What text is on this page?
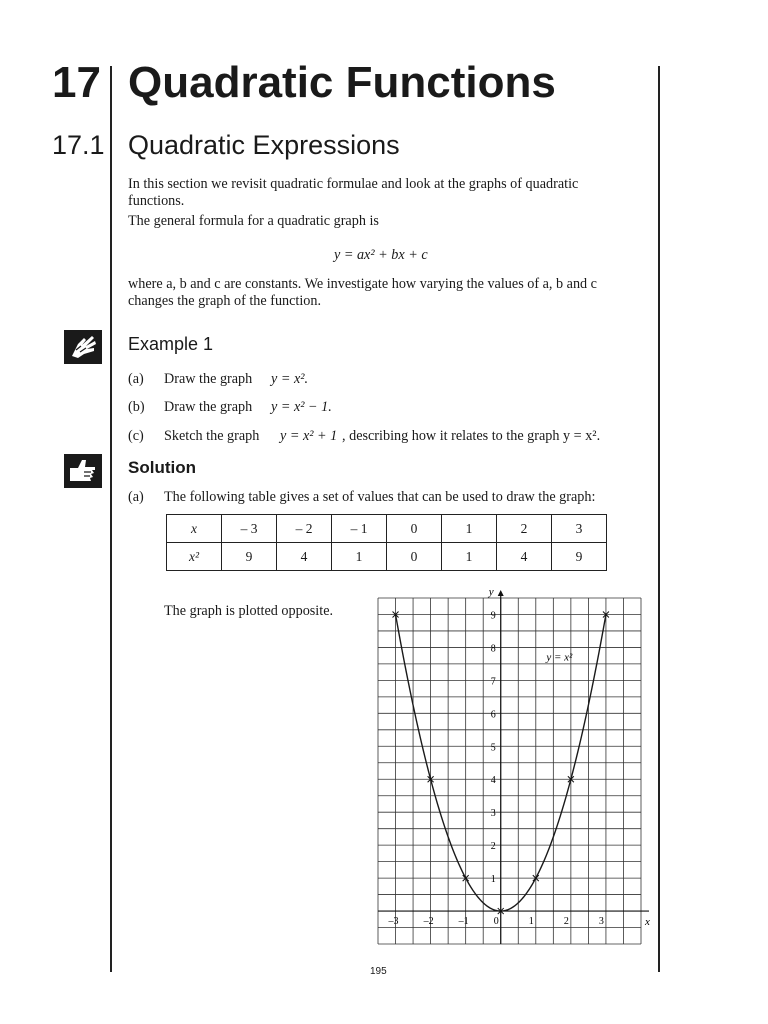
17 Quadratic Functions
17.1 Quadratic Expressions
In this section we revisit quadratic formulae and look at the graphs of quadratic
functions.
The general formula for a quadratic graph is
y = ax² + bx + c
where a, b and c are constants. We investigate how varying the values of a, b and c
changes the graph of the function.
Example 1
(a) Draw the graph y = x².
(b) Draw the graph y = x² − 1.
(c) Sketch the graph y = x² + 1 , describing how it relates to the graph y = x².
Solution
(a) The following table gives a set of values that can be used to draw the graph:
x	– 3	– 2	– 1	0	1	2	3
x²	9	4	1	0	1	4	9
The graph is plotted opposite.
–3	–2	–1	0	1	2	3
1
2
3
4
5
6
7
8
9
x
y
y = x²
195
